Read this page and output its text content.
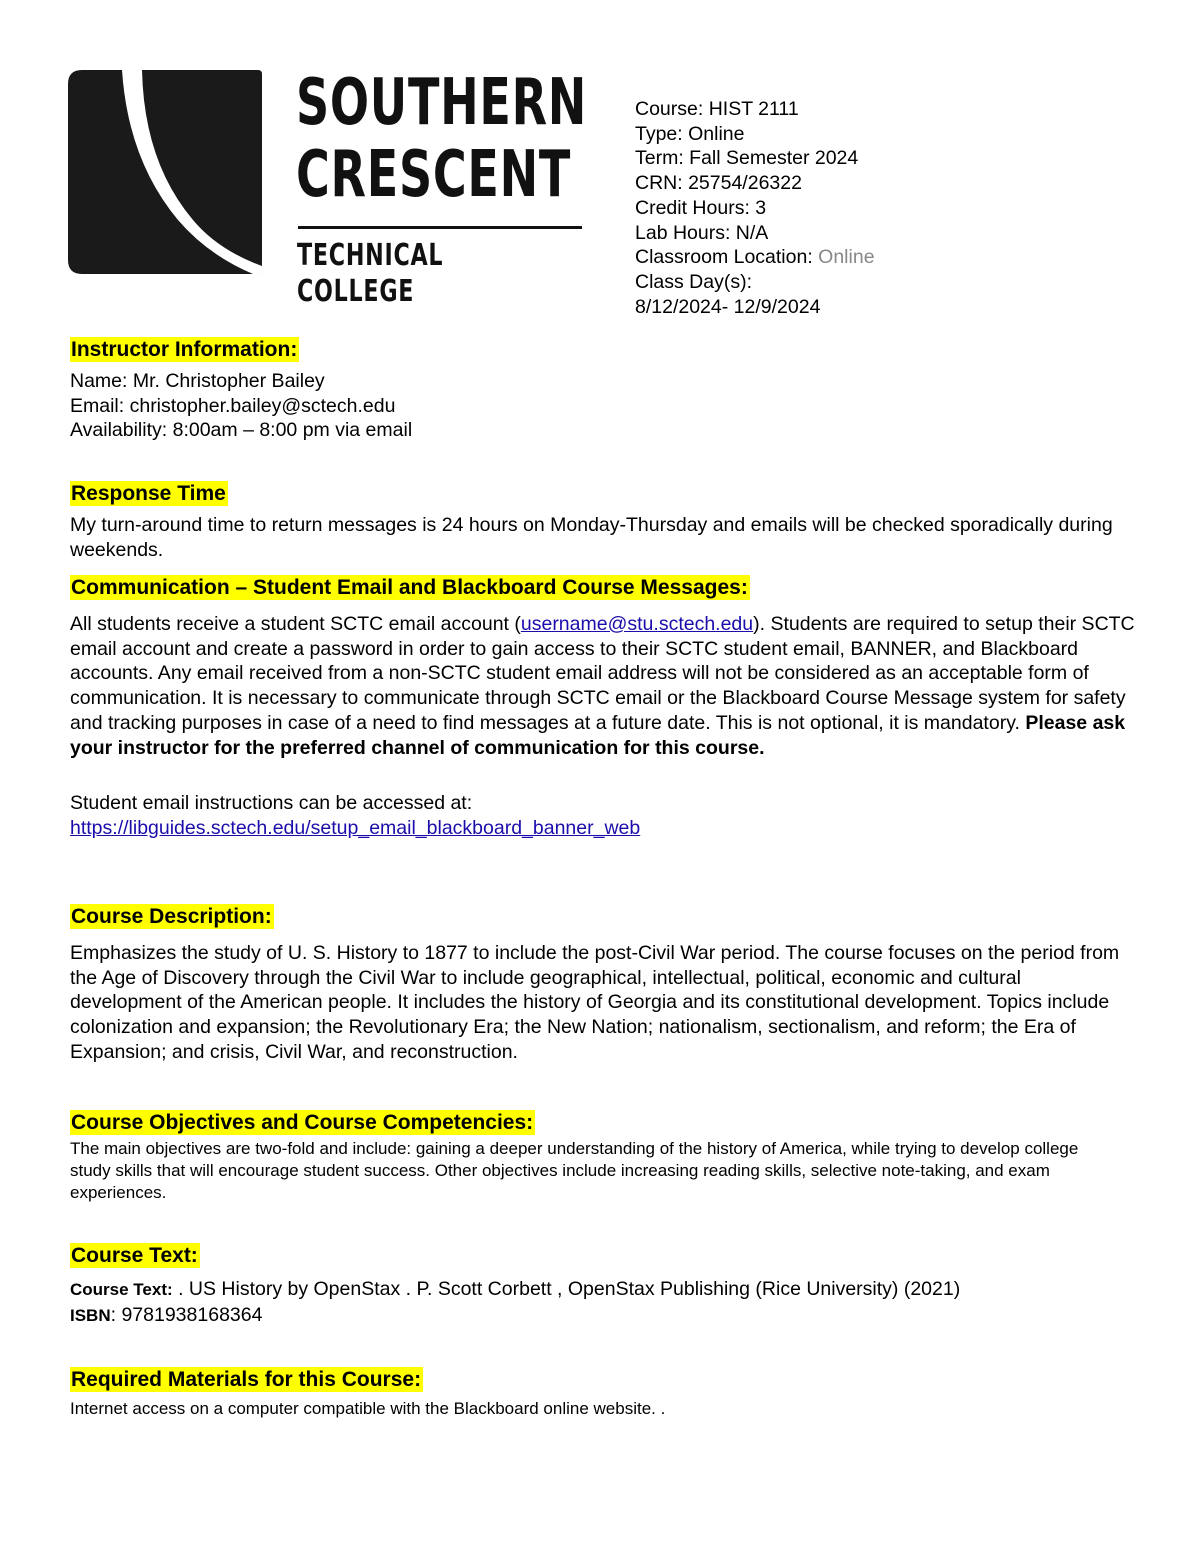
SOUTHERN
CRESCENT
TECHNICAL COLLEGE
Course: HIST 2111
Type: Online
Term: Fall Semester 2024
CRN: 25754/26322
Credit Hours: 3
Lab Hours: N/A
Classroom Location: Online
Class Day(s):
8/12/2024- 12/9/2024
Instructor Information:

Name: Mr. Christopher Bailey

Email: christopher.bailey@sctech.edu

Availability: 8:00am – 8:00 pm via email

Response Time

My turn-around time to return messages is 24 hours on Monday-Thursday and emails will be checked sporadically during weekends.

Communication – Student Email and Blackboard Course Messages:

All students receive a student SCTC email account (username@stu.sctech.edu). Students are required to setup their SCTC email account and create a password in order to gain access to their SCTC student email, BANNER, and Blackboard accounts. Any email received from a non-SCTC student email address will not be considered as an acceptable form of communication. It is necessary to communicate through SCTC email or the Blackboard Course Message system for safety and tracking purposes in case of a need to find messages at a future date. This is not optional, it is mandatory. Please ask your instructor for the preferred channel of communication for this course.

Student email instructions can be accessed at:

https://libguides.sctech.edu/setup_email_blackboard_banner_web

Course Description:

Emphasizes the study of U. S. History to 1877 to include the post-Civil War period. The course focuses on the period from the Age of Discovery through the Civil War to include geographical, intellectual, political, economic and cultural development of the American people. It includes the history of Georgia and its constitutional development. Topics include colonization and expansion; the Revolutionary Era; the New Nation; nationalism, sectionalism, and reform; the Era of Expansion; and crisis, Civil War, and reconstruction.

Course Objectives and Course Competencies:

The main objectives are two-fold and include: gaining a deeper understanding of the history of America, while trying to develop college study skills that will encourage student success. Other objectives include increasing reading skills, selective note-taking, and exam experiences.

Course Text:

Course Text: . US History by OpenStax . P. Scott Corbett , OpenStax Publishing (Rice University) (2021)

ISBN: 9781938168364

Required Materials for this Course:

Internet access on a computer compatible with the Blackboard online website. .
